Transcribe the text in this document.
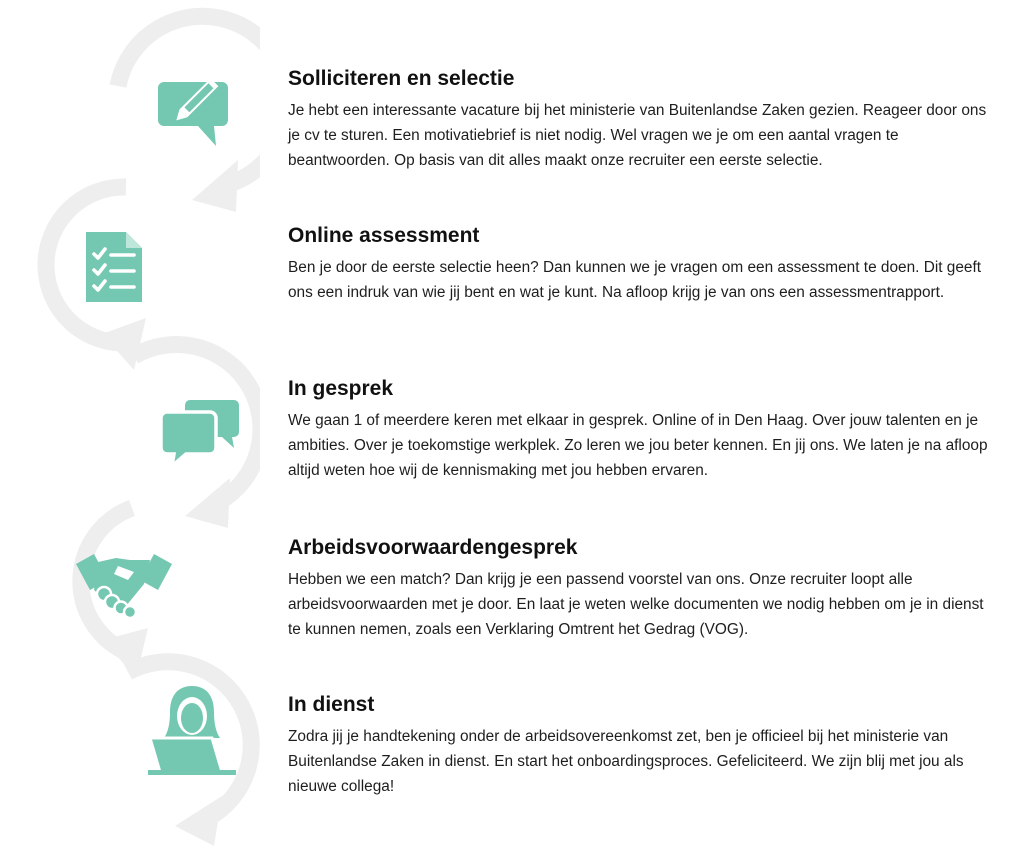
Solliciteren en selectie

Je hebt een interessante vacature bij het ministerie van Buitenlandse Zaken gezien. Reageer door ons je cv te sturen. Een motivatiebrief is niet nodig. Wel vragen we je om een aantal vragen te beantwoorden. Op basis van dit alles maakt onze recruiter een eerste selectie.

Online assessment

Ben je door de eerste selectie heen? Dan kunnen we je vragen om een assessment te doen. Dit geeft ons een indruk van wie jij bent en wat je kunt. Na afloop krijg je van ons een assessmentrapport.

In gesprek

We gaan 1 of meerdere keren met elkaar in gesprek. Online of in Den Haag. Over jouw talenten en je ambities. Over je toekomstige werkplek. Zo leren we jou beter kennen. En jij ons. We laten je na afloop altijd weten hoe wij de kennismaking met jou hebben ervaren.

Arbeidsvoorwaardengesprek

Hebben we een match? Dan krijg je een passend voorstel van ons. Onze recruiter loopt alle arbeidsvoorwaarden met je door. En laat je weten welke documenten we nodig hebben om je in dienst te kunnen nemen, zoals een Verklaring Omtrent het Gedrag (VOG).

In dienst

Zodra jij je handtekening onder de arbeidsovereenkomst zet, ben je officieel bij het ministerie van Buitenlandse Zaken in dienst. En start het onboardingsproces. Gefeliciteerd. We zijn blij met jou als nieuwe collega!
